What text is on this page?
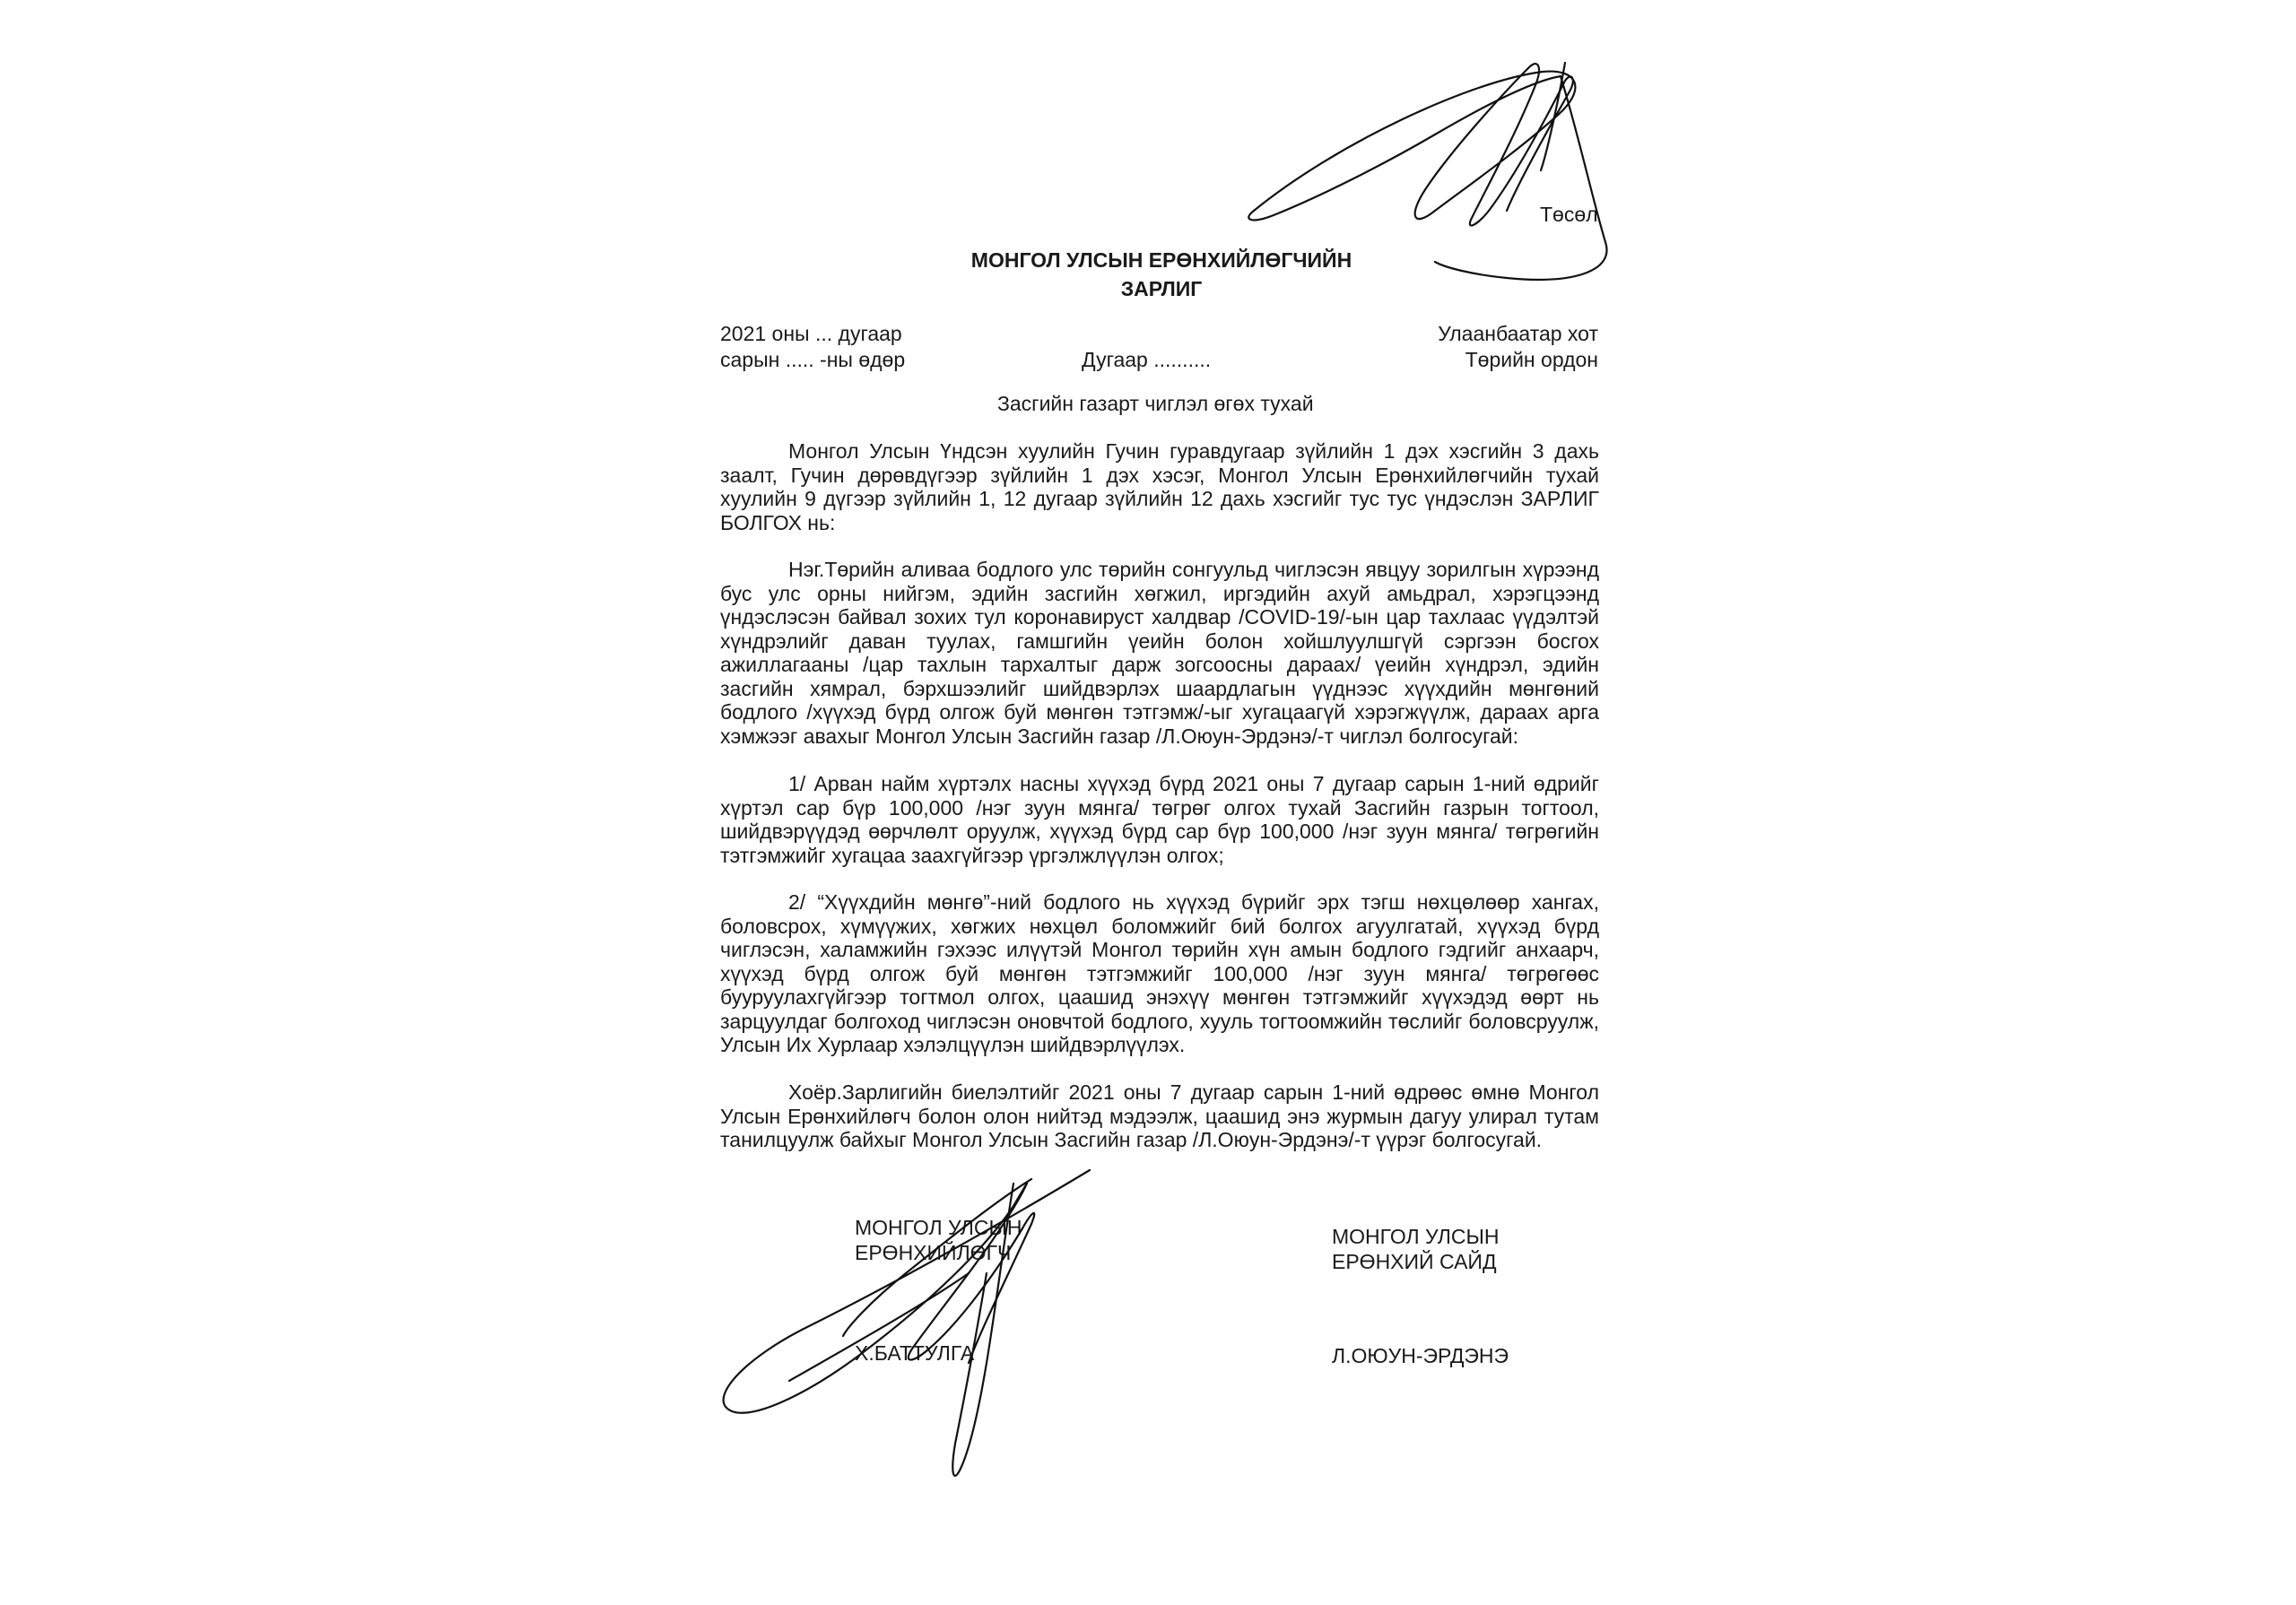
Төсөл
МОНГОЛ УЛСЫН ЕРӨНХИЙЛӨГЧИЙН
ЗАРЛИГ
2021 оны ... дугаар
сарын ..... -ны өдөр	Дугаар ..........
Улаанбаатар хот
Төрийн ордон
Засгийн газарт чиглэл өгөх тухай

Монгол Улсын Үндсэн хуулийн Гучин гуравдугаар зүйлийн 1 дэх хэсгийн 3 дахь заалт, Гучин дөрөвдүгээр зүйлийн 1 дэх хэсэг, Монгол Улсын Ерөнхийлөгчийн тухай хуулийн 9 дүгээр зүйлийн 1, 12 дугаар зүйлийн 12 дахь хэсгийг тус тус үндэслэн ЗАРЛИГ БОЛГОХ нь:

Нэг.Төрийн аливаа бодлого улс төрийн сонгуульд чиглэсэн явцуу зорилгын хүрээнд бус улс орны нийгэм, эдийн засгийн хөгжил, иргэдийн ахуй амьдрал, хэрэгцээнд үндэслэсэн байвал зохих тул коронавируст халдвар /COVID-19/-ын цар тахлаас үүдэлтэй хүндрэлийг даван туулах, гамшгийн үеийн болон хойшлуулшгүй сэргээн босгох ажиллагааны /цар тахлын тархалтыг дарж зогсоосны дараах/ үеийн хүндрэл, эдийн засгийн хямрал, бэрхшээлийг шийдвэрлэх шаардлагын үүднээс хүүхдийн мөнгөний бодлого /хүүхэд бүрд олгож буй мөнгөн тэтгэмж/-ыг хугацаагүй хэрэгжүүлж, дараах арга хэмжээг авахыг Монгол Улсын Засгийн газар /Л.Оюун-Эрдэнэ/-т чиглэл болгосугай:

1/ Арван найм хүртэлх насны хүүхэд бүрд 2021 оны 7 дугаар сарын 1-ний өдрийг хүртэл сар бүр 100,000 /нэг зуун мянга/ төгрөг олгох тухай Засгийн газрын тогтоол, шийдвэрүүдэд өөрчлөлт оруулж, хүүхэд бүрд сар бүр 100,000 /нэг зуун мянга/ төгрөгийн тэтгэмжийг хугацаа заахгүйгээр үргэлжлүүлэн олгох;

2/ “Хүүхдийн мөнгө”-ний бодлого нь хүүхэд бүрийг эрх тэгш нөхцөлөөр хангах, боловсрох, хүмүүжих, хөгжих нөхцөл боломжийг бий болгох агуулгатай, хүүхэд бүрд чиглэсэн, халамжийн гэхээс илүүтэй Монгол төрийн хүн амын бодлого гэдгийг анхаарч, хүүхэд бүрд олгож буй мөнгөн тэтгэмжийг 100,000 /нэг зуун мянга/ төгрөгөөс бууруулахгүйгээр тогтмол олгох, цаашид энэхүү мөнгөн тэтгэмжийг хүүхэдэд өөрт нь зарцуулдаг болгоход чиглэсэн оновчтой бодлого, хууль тогтоомжийн төслийг боловсруулж, Улсын Их Хурлаар хэлэлцүүлэн шийдвэрлүүлэх.

Хоёр.Зарлигийн биелэлтийг 2021 оны 7 дугаар сарын 1-ний өдрөөс өмнө Монгол Улсын Ерөнхийлөгч болон олон нийтэд мэдээлж, цаашид энэ журмын дагуу улирал тутам танилцуулж байхыг Монгол Улсын Засгийн газар /Л.Оюун-Эрдэнэ/-т үүрэг болгосугай.

МОНГОЛ УЛСЫН
ЕРӨНХИЙЛӨГЧ
Х.БАТТУЛГА
МОНГОЛ УЛСЫН
ЕРӨНХИЙ САЙД
Л.ОЮУН-ЭРДЭНЭ
